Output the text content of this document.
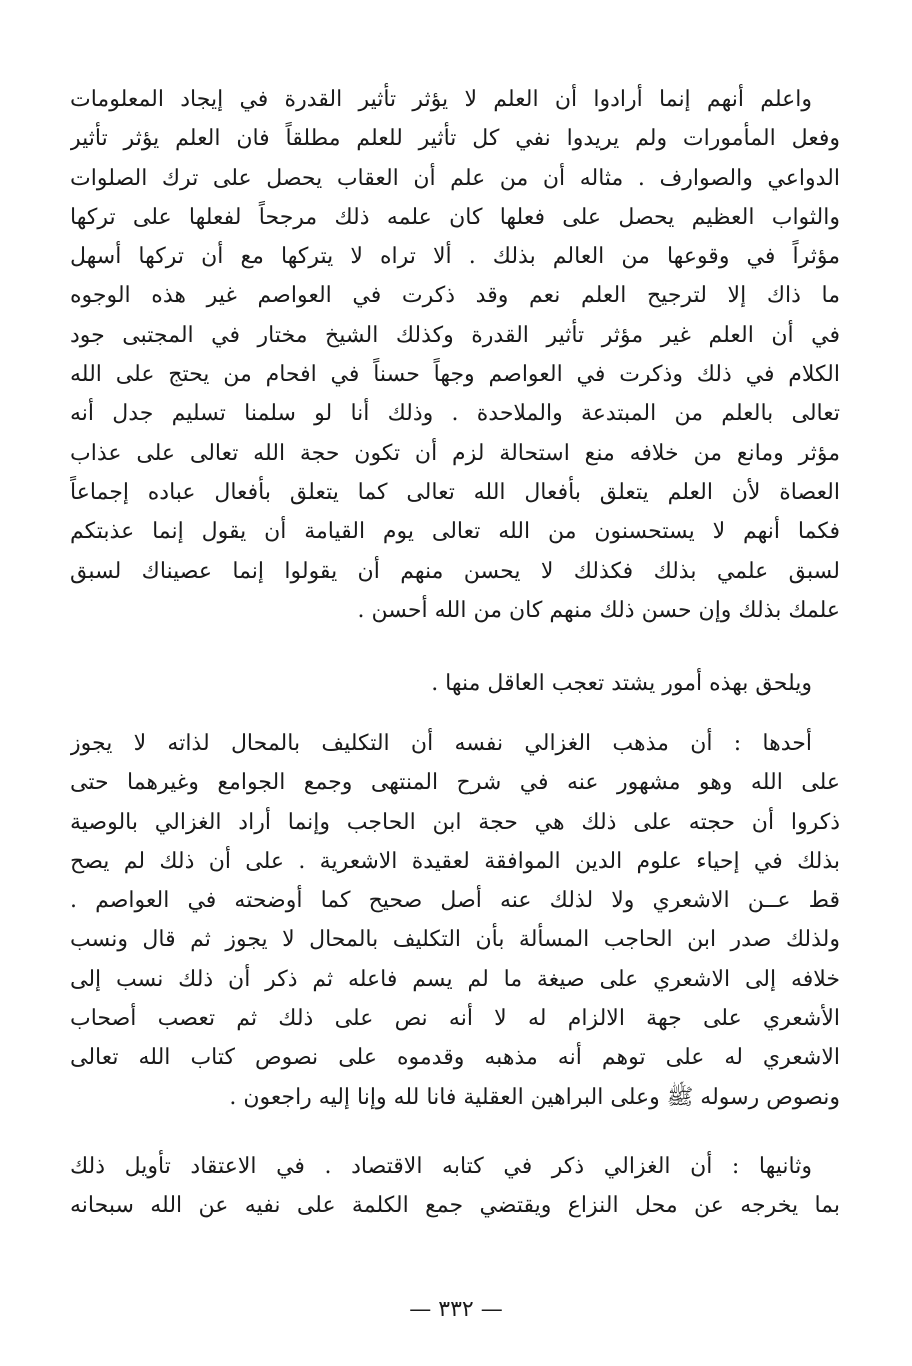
واعلم أنهم إنما أرادوا أن العلم لا يؤثر تأثير القدرة في إيجاد المعلومات
وفعل المأمورات ولم يريدوا نفي كل تأثير للعلم مطلقاً فان العلم يؤثر تأثير
الدواعي والصوارف . مثاله أن من علم أن العقاب يحصل على ترك الصلوات
والثواب العظيم يحصل على فعلها كان علمه ذلك مرجحاً لفعلها على تركها
مؤثراً في وقوعها من العالم بذلك . ألا تراه لا يتركها مع أن تركها أسهل
ما ذاك إلا لترجيح العلم نعم وقد ذكرت في العواصم غير هذه الوجوه
في أن العلم غير مؤثر تأثير القدرة وكذلك الشيخ مختار في المجتبى جود
الكلام في ذلك وذكرت في العواصم وجهاً حسناً في افحام من يحتج على الله
تعالى بالعلم من المبتدعة والملاحدة . وذلك أنا لو سلمنا تسليم جدل أنه
مؤثر ومانع من خلافه منع استحالة لزم أن تكون حجة الله تعالى على عذاب
العصاة لأن العلم يتعلق بأفعال الله تعالى كما يتعلق بأفعال عباده إجماعاً
فكما أنهم لا يستحسنون من الله تعالى يوم القيامة أن يقول إنما عذبتكم
لسبق علمي بذلك فكذلك لا يحسن منهم أن يقولوا إنما عصيناك لسبق
علمك بذلك وإن حسن ذلك منهم كان من الله أحسن .
ويلحق بهذه أمور يشتد تعجب العاقل منها .
أحدها : أن مذهب الغزالي نفسه أن التكليف بالمحال لذاته لا يجوز
على الله وهو مشهور عنه في شرح المنتهى وجمع الجوامع وغيرهما حتى
ذكروا أن حجته على ذلك هي حجة ابن الحاجب وإنما أراد الغزالي بالوصية
بذلك في إحياء علوم الدين الموافقة لعقيدة الاشعرية . على أن ذلك لم يصح
قط عــن الاشعري ولا لذلك عنه أصل صحيح كما أوضحته في العواصم .
ولذلك صدر ابن الحاجب المسألة بأن التكليف بالمحال لا يجوز ثم قال ونسب
خلافه إلى الاشعري على صيغة ما لم يسم فاعله ثم ذكر أن ذلك نسب إلى
الأشعري على جهة الالزام له لا أنه نص على ذلك ثم تعصب أصحاب
الاشعري له على توهم أنه مذهبه وقدموه على نصوص كتاب الله تعالى
ونصوص رسوله ﷺ وعلى البراهين العقلية فانا لله وإنا إليه راجعون .
وثانيها : أن الغزالي ذكر في كتابه الاقتصاد . في الاعتقاد تأويل ذلك
بما يخرجه عن محل النزاع ويقتضي جمع الكلمة على نفيه عن الله سبحانه
— ٣٣٢ —
